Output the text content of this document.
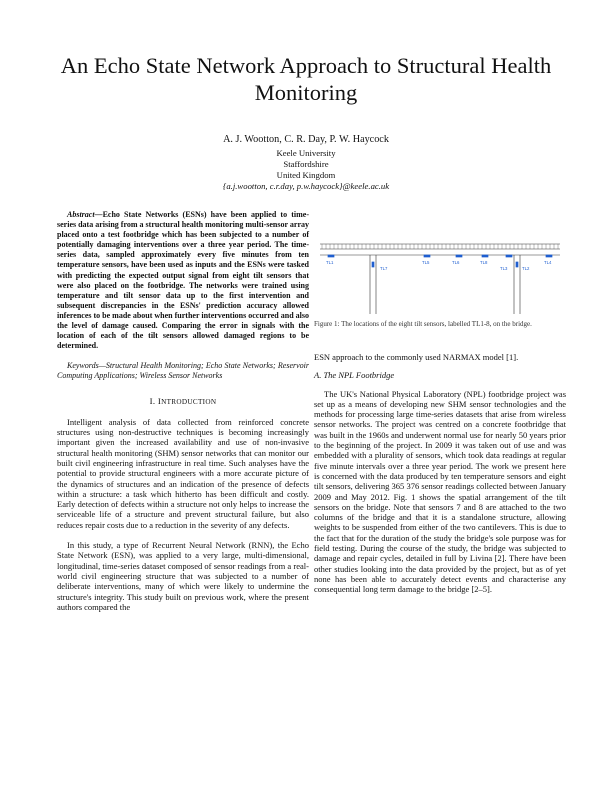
An Echo State Network Approach to Structural Health Monitoring
A. J. Wootton, C. R. Day, P. W. Haycock
Keele University
Staffordshire
United Kingdom
{a.j.wootton, c.r.day, p.w.haycock}@keele.ac.uk

Abstract—Echo State Networks (ESNs) have been applied to time-series data arising from a structural health monitoring multi-sensor array placed onto a test footbridge which has been subjected to a number of potentially damaging interventions over a three year period. The time-series data, sampled approximately every five minutes from ten temperature sensors, have been used as inputs and the ESNs were tasked with predicting the expected output signal from eight tilt sensors that were also placed on the footbridge. The networks were trained using temperature and tilt sensor data up to the first intervention and subsequent discrepancies in the ESNs' prediction accuracy allowed inferences to be made about when further interventions occurred and also the level of damage caused. Comparing the error in signals with the location of each of the tilt sensors allowed damaged regions to be determined.

Keywords—Structural Health Monitoring; Echo State Networks; Reservoir Computing Applications; Wireless Sensor Networks

I. INTRODUCTION

Intelligent analysis of data collected from reinforced concrete structures using non-destructive techniques is becoming increasingly important given the increased availability and use of non-invasive structural health monitoring (SHM) sensor networks that can monitor our built civil engineering infrastructure in real time. Such analyses have the potential to provide structural engineers with a more accurate picture of the dynamics of structures and an indication of the presence of defects within a structure: a task which hitherto has been difficult and costly. Early detection of defects within a structure not only helps to increase the serviceable life of a structure and prevent structural failure, but also reduces repair costs due to a reduction in the severity of any defects.

In this study, a type of Recurrent Neural Network (RNN), the Echo State Network (ESN), was applied to a very large, multi-dimensional, longitudinal, time-series dataset composed of sensor readings from a real-world civil engineering structure that was subjected to a number of deliberate interventions, many of which were likely to undermine the structure's integrity. This study built on previous work, where the present authors compared the

TL1
TL7
TL5	TL6	TL8
TL3	TL2
TL4
Figure 1: The locations of the eight tilt sensors, labelled TL1-8, on the bridge.

ESN approach to the commonly used NARMAX model [1].

A. The NPL Footbridge

The UK's National Physical Laboratory (NPL) footbridge project was set up as a means of developing new SHM sensor technologies and the methods for processing large time-series datasets that arise from wireless sensor networks. The project was centred on a concrete footbridge that was built in the 1960s and underwent normal use for nearly 50 years prior to the beginning of the project. In 2009 it was taken out of use and was embedded with a plurality of sensors, which took data readings at regular five minute intervals over a three year period. The work we present here is concerned with the data produced by ten temperature sensors and eight tilt sensors, delivering 365 376 sensor readings collected between January 2009 and May 2012. Fig. 1 shows the spatial arrangement of the tilt sensors on the bridge. Note that sensors 7 and 8 are attached to the two columns of the bridge and that it is a standalone structure, allowing weights to be suspended from either of the two cantilevers. This is due to the fact that for the duration of the study the bridge's sole purpose was for field testing. During the course of the study, the bridge was subjected to damage and repair cycles, detailed in full by Livina [2]. There have been other studies looking into the data provided by the project, but as of yet none has been able to accurately detect events and characterise any consequential long term damage to the bridge [2–5].
